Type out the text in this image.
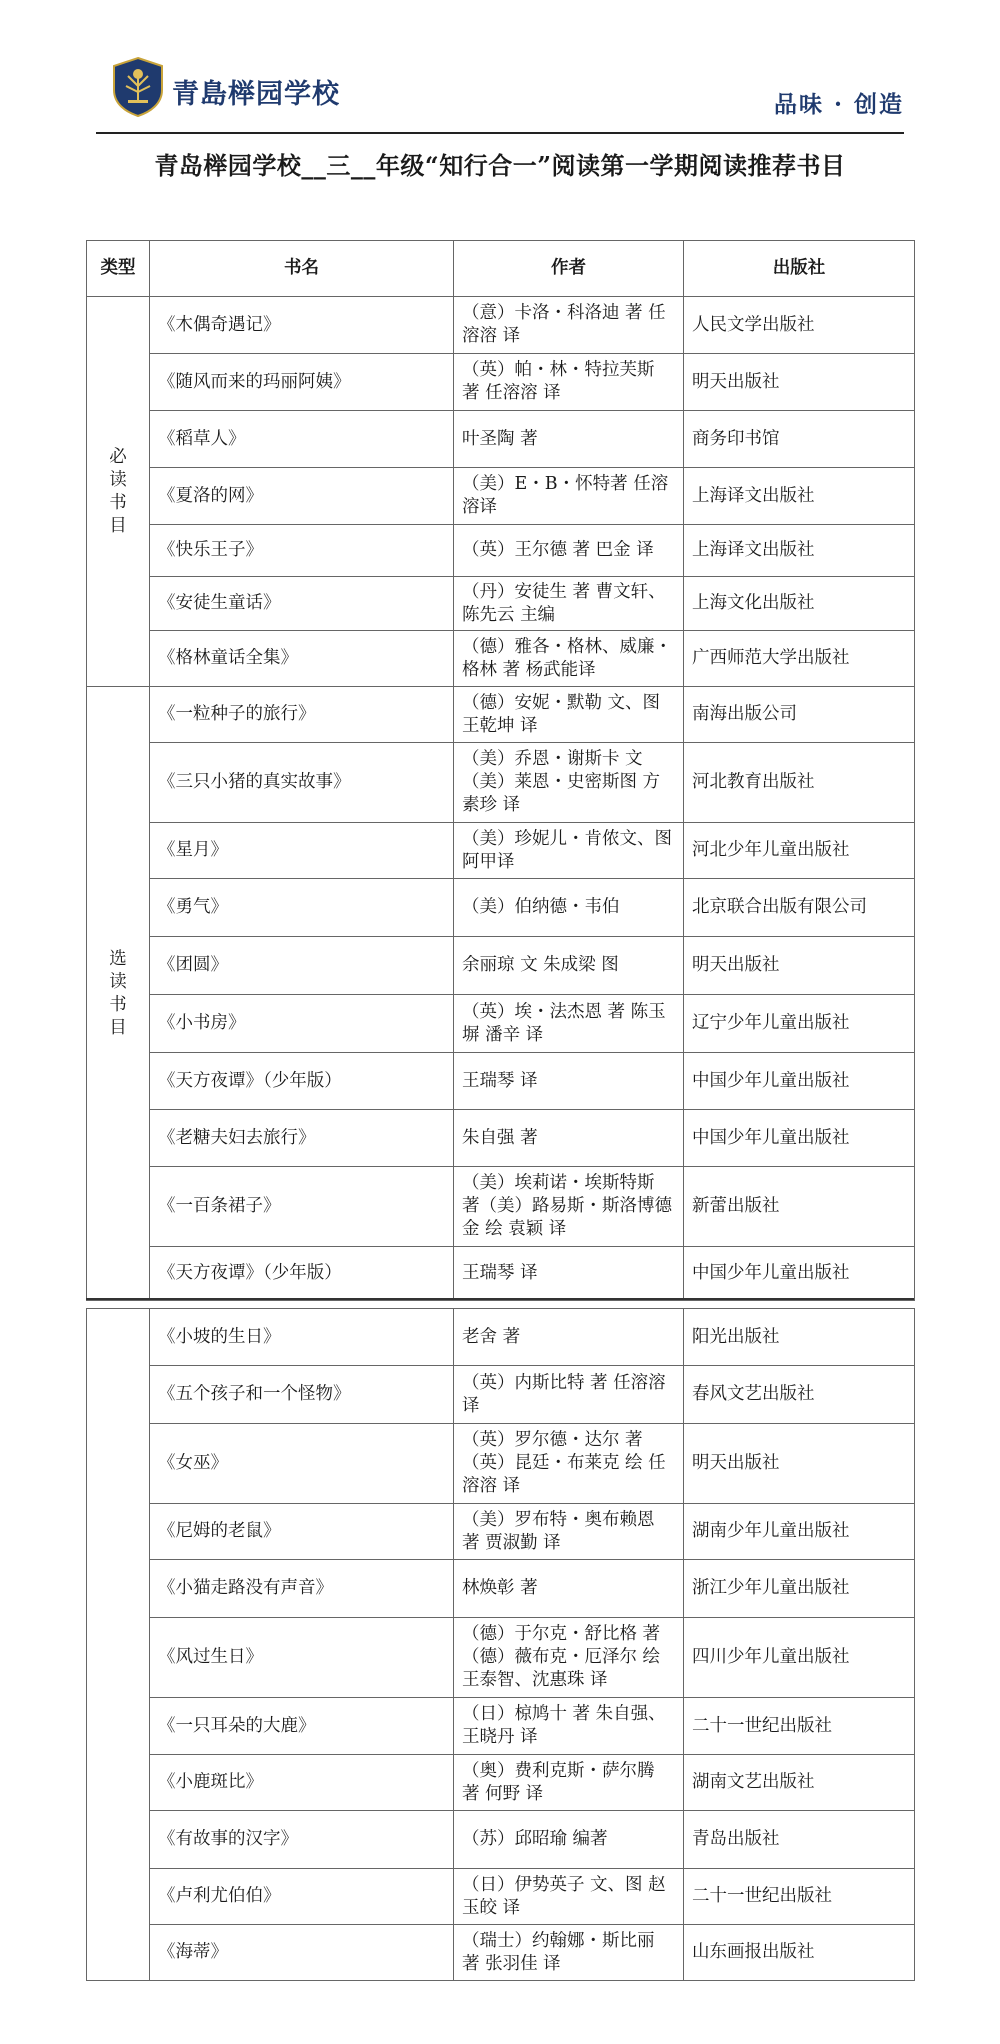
青島榉园学校	品味 · 创造
青岛榉园学校__三__年级“知行合一”阅读第一学期阅读推荐书目
类型	书名	作者	出版社

必
读
书
目	《木偶奇遇记》	（意）卡洛・科洛迪 著 任溶溶 译	人民文学出版社
	《随风而来的玛丽阿姨》	（英）帕・林・特拉芙斯 著 任溶溶 译	明天出版社
	《稻草人》	叶圣陶 著	商务印书馆
	《夏洛的网》	（美）E・B・怀特著 任溶溶译	上海译文出版社
	《快乐王子》	（英）王尔德 著 巴金 译	上海译文出版社
	《安徒生童话》	（丹）安徒生 著 曹文轩、陈先云 主编	上海文化出版社
	《格林童话全集》	（德）雅各・格林、威廉・格林 著 杨武能译	广西师范大学出版社

选
读
书
目	《一粒种子的旅行》	（德）安妮・默勒 文、图 王乾坤 译	南海出版公司
	《三只小猪的真实故事》	（美）乔恩・谢斯卡 文（美）莱恩・史密斯图 方素珍 译	河北教育出版社
	《星月》	（美）珍妮儿・肯侬文、图 阿甲译	河北少年儿童出版社
	《勇气》	（美）伯纳德・韦伯	北京联合出版有限公司
	《团圆》	余丽琼 文 朱成梁 图	明天出版社
	《小书房》	（英）埃・法杰恩 著 陈玉塀 潘辛 译	辽宁少年儿童出版社
	《天方夜谭》（少年版）	王瑞琴 译	中国少年儿童出版社
	《老糖夫妇去旅行》	朱自强 著	中国少年儿童出版社
	《一百条裙子》	（美）埃莉诺・埃斯特斯 著（美）路易斯・斯洛博德金 绘 袁颖 译	新蕾出版社
	《天方夜谭》（少年版）	王瑞琴 译	中国少年儿童出版社
	《小坡的生日》	老舍 著	阳光出版社
	《五个孩子和一个怪物》	（英）内斯比特 著 任溶溶 译	春风文艺出版社
	《女巫》	（英）罗尔德・达尔 著（英）昆廷・布莱克 绘 任溶溶 译	明天出版社
	《尼姆的老鼠》	（美）罗布特・奥布赖恩 著 贾淑勤 译	湖南少年儿童出版社
	《小猫走路没有声音》	林焕彰 著	浙江少年儿童出版社
	《风过生日》	（德）于尔克・舒比格 著（德）薇布克・厄泽尔 绘 王泰智、沈惠珠 译	四川少年儿童出版社
	《一只耳朵的大鹿》	（日）椋鸠十 著 朱自强、王晓丹 译	二十一世纪出版社
	《小鹿斑比》	（奥）费利克斯・萨尔腾 著 何野 译	湖南文艺出版社
	《有故事的汉字》	（苏）邱昭瑜 编著	青岛出版社
	《卢利尤伯伯》	（日）伊势英子 文、图 赵玉皎 译	二十一世纪出版社
	《海蒂》	（瑞士）约翰娜・斯比丽 著 张羽佳 译	山东画报出版社
